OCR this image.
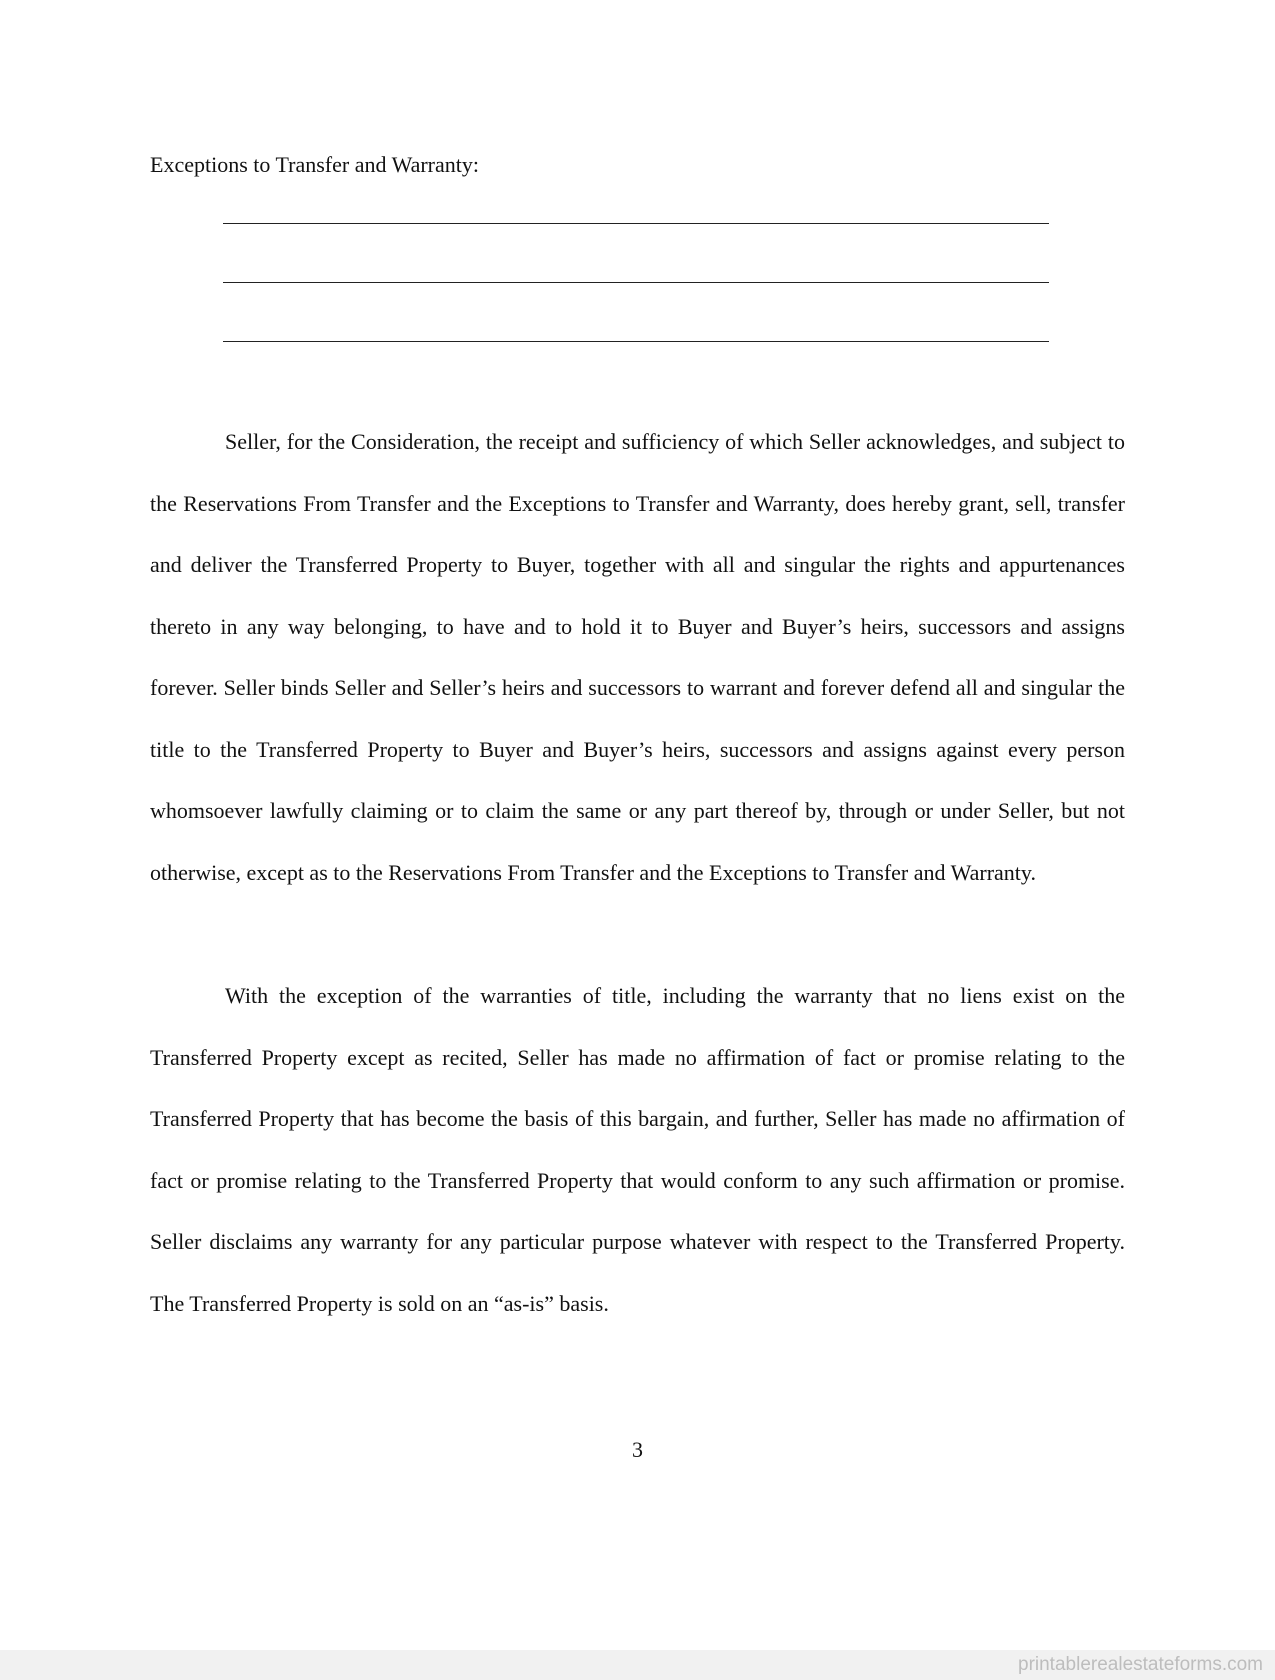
Exceptions to Transfer and Warranty:

Seller, for the Consideration, the receipt and sufficiency of which Seller acknowledges, and subject to the Reservations From Transfer and the Exceptions to Transfer and Warranty, does hereby grant, sell, transfer and deliver the Transferred Property to Buyer, together with all and singular the rights and appurtenances thereto in any way belonging, to have and to hold it to Buyer and Buyer’s heirs, successors and assigns forever. Seller binds Seller and Seller’s heirs and successors to warrant and forever defend all and singular the title to the Transferred Property to Buyer and Buyer’s heirs, successors and assigns against every person whomsoever lawfully claiming or to claim the same or any part thereof by, through or under Seller, but not otherwise, except as to the Reservations From Transfer and the Exceptions to Transfer and Warranty.

With the exception of the warranties of title, including the warranty that no liens exist on the Transferred Property except as recited, Seller has made no affirmation of fact or promise relating to the Transferred Property that has become the basis of this bargain, and further, Seller has made no affirmation of fact or promise relating to the Transferred Property that would conform to any such affirmation or promise. Seller disclaims any warranty for any particular purpose whatever with respect to the Transferred Property. The Transferred Property is sold on an “as-is” basis.

3
printablerealestateforms.com
